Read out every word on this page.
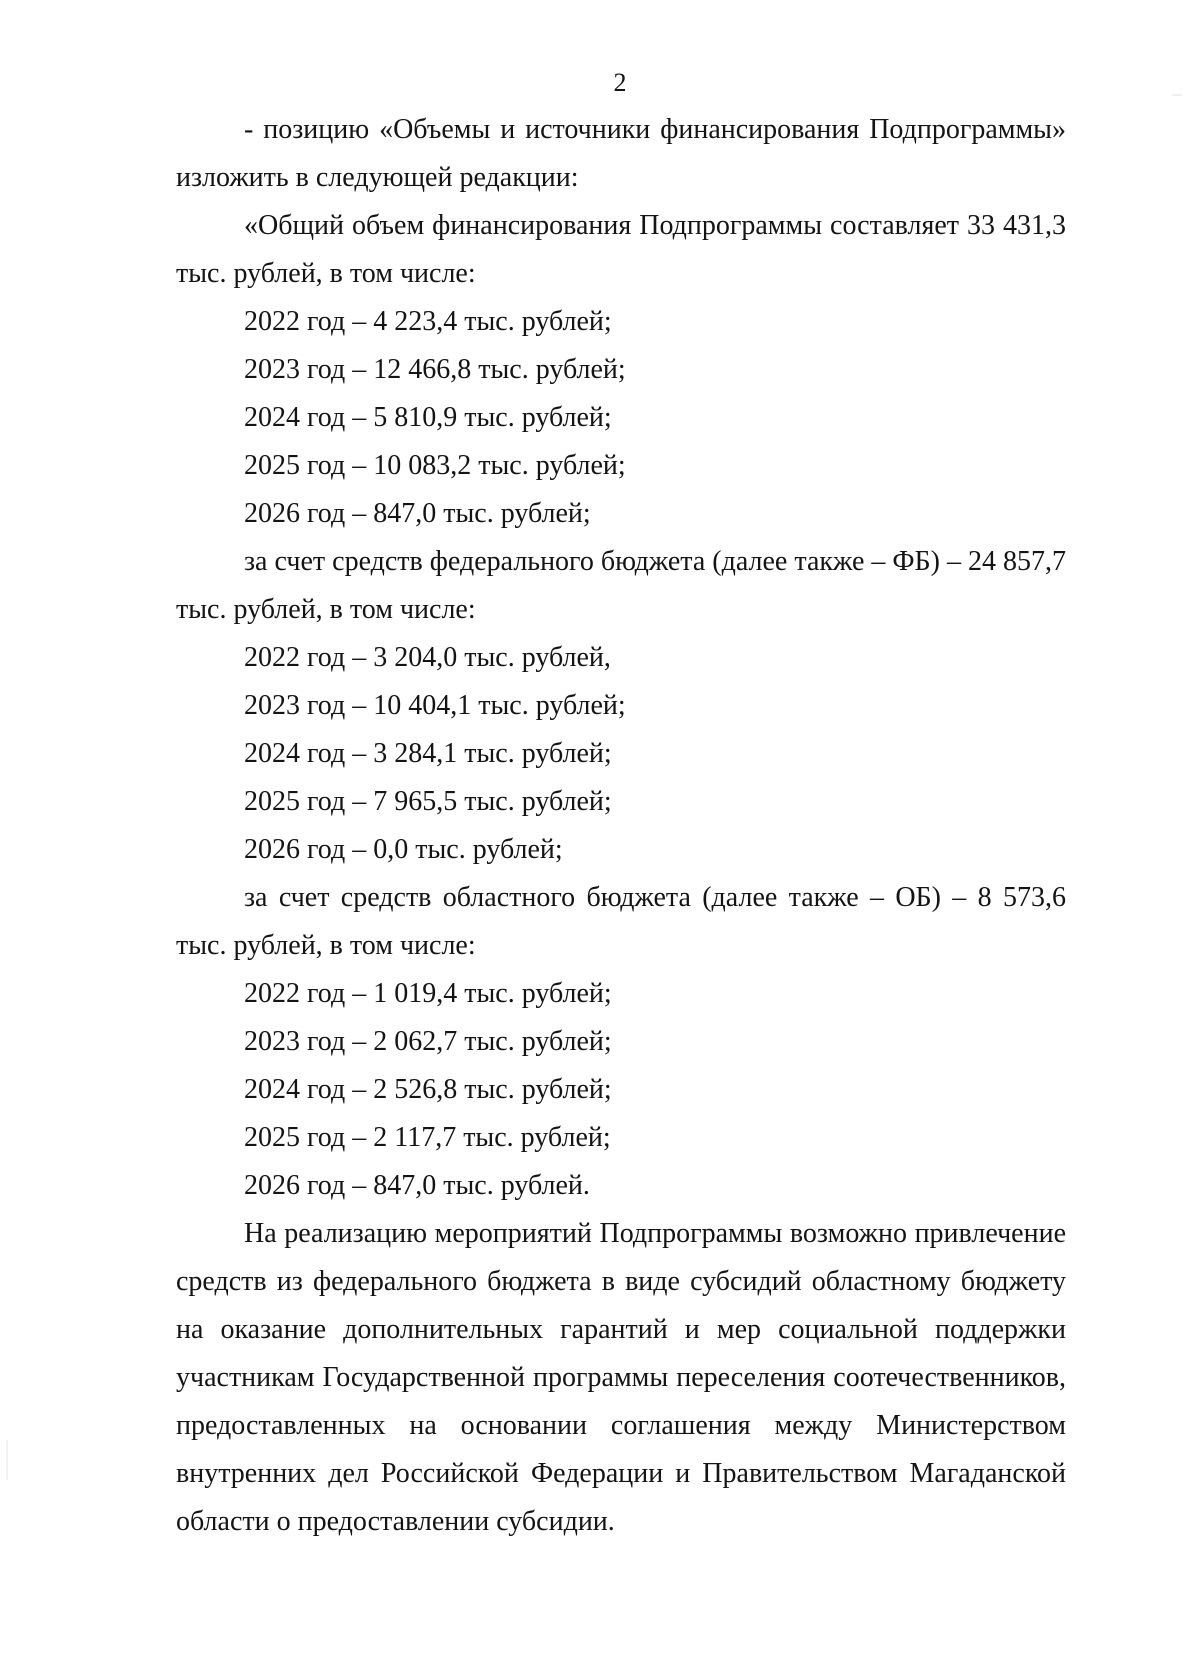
2

- позицию «Объемы и источники финансирования Подпрограммы» изложить в следующей редакции:

«Общий объем финансирования Подпрограммы составляет 33 431,3 тыс. рублей, в том числе:

2022 год – 4 223,4 тыс. рублей;

2023 год – 12 466,8 тыс. рублей;

2024 год – 5 810,9 тыс. рублей;

2025 год – 10 083,2 тыс. рублей;

2026 год – 847,0 тыс. рублей;

за счет средств федерального бюджета (далее также – ФБ) – 24 857,7 тыс. рублей, в том числе:

2022 год – 3 204,0 тыс. рублей,

2023 год – 10 404,1 тыс. рублей;

2024 год – 3 284,1 тыс. рублей;

2025 год – 7 965,5 тыс. рублей;

2026 год – 0,0 тыс. рублей;

за счет средств областного бюджета (далее также – ОБ) – 8 573,6 тыс. рублей, в том числе:

2022 год – 1 019,4 тыс. рублей;

2023 год – 2 062,7 тыс. рублей;

2024 год – 2 526,8 тыс. рублей;

2025 год – 2 117,7 тыс. рублей;

2026 год – 847,0 тыс. рублей.

На реализацию мероприятий Подпрограммы возможно привлечение средств из федерального бюджета в виде субсидий областному бюджету на оказание дополнительных гарантий и мер социальной поддержки участникам Государственной программы переселения соотечественников, предоставленных на основании соглашения между Министерством внутренних дел Российской Федерации и Правительством Магаданской области о предоставлении субсидии.
